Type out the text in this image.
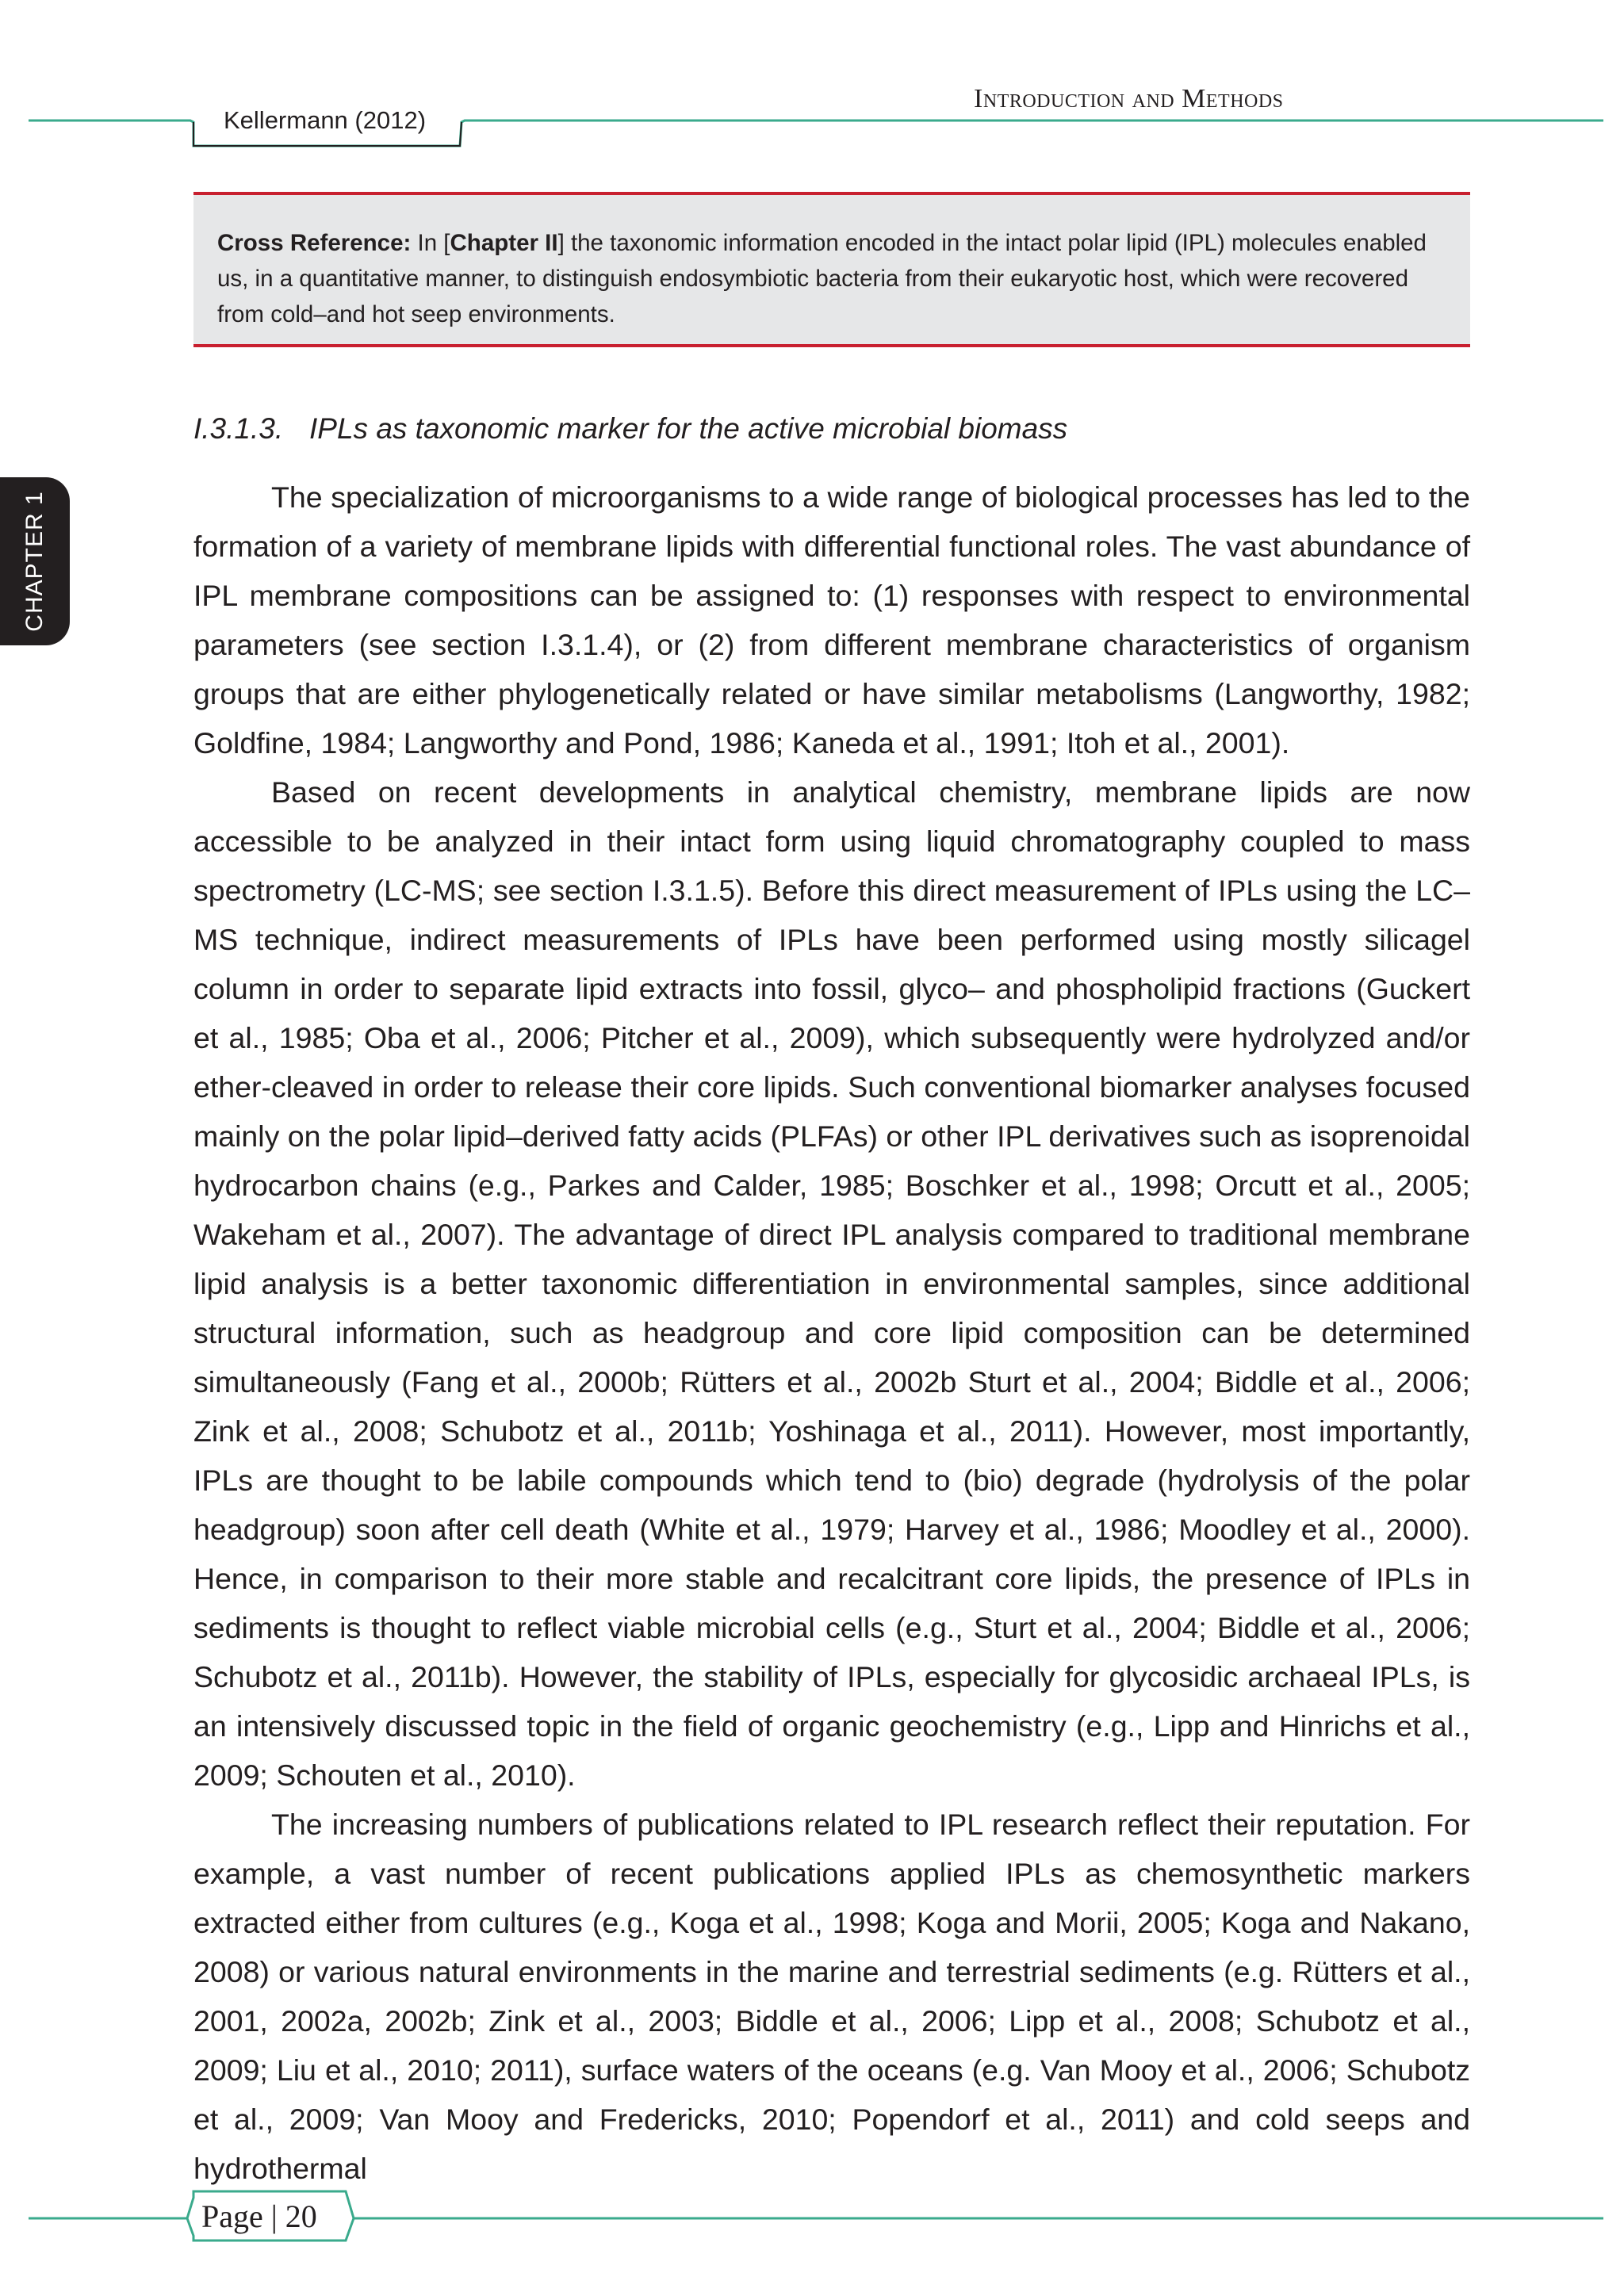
Kellermann (2012)
Introduction and Methods
CHAPTER 1
Cross Reference: In [Chapter II] the taxonomic information encoded in the intact polar lipid (IPL) molecules enabled us, in a quantitative manner, to distinguish endosymbiotic bacteria from their eukaryotic host, which were recovered from cold–and hot seep environments.
I.3.1.3. IPLs as taxonomic marker for the active microbial biomass

The specialization of microorganisms to a wide range of biological processes has led to the formation of a variety of membrane lipids with differential functional roles. The vast abundance of IPL membrane compositions can be assigned to: (1) responses with respect to environmental parameters (see section I.3.1.4), or (2) from different membrane characteristics of organism groups that are either phylogenetically related or have similar metabolisms (Langworthy, 1982; Goldfine, 1984; Langworthy and Pond, 1986; Kaneda et al., 1991; Itoh et al., 2001).

Based on recent developments in analytical chemistry, membrane lipids are now accessible to be analyzed in their intact form using liquid chromatography coupled to mass spectrometry (LC-MS; see section I.3.1.5). Before this direct measurement of IPLs using the LC–MS technique, indirect measurements of IPLs have been performed using mostly silicagel column in order to separate lipid extracts into fossil, glyco– and phospholipid fractions (Guckert et al., 1985; Oba et al., 2006; Pitcher et al., 2009), which subsequently were hydrolyzed and/or ether-cleaved in order to release their core lipids. Such conventional biomarker analyses focused mainly on the polar lipid–derived fatty acids (PLFAs) or other IPL derivatives such as isoprenoidal hydrocarbon chains (e.g., Parkes and Calder, 1985; Boschker et al., 1998; Orcutt et al., 2005; Wakeham et al., 2007). The advantage of direct IPL analysis compared to traditional membrane lipid analysis is a better taxonomic differentiation in environmental samples, since additional structural information, such as headgroup and core lipid composition can be determined simultaneously (Fang et al., 2000b; Rütters et al., 2002b Sturt et al., 2004; Biddle et al., 2006; Zink et al., 2008; Schubotz et al., 2011b; Yoshinaga et al., 2011). However, most importantly, IPLs are thought to be labile compounds which tend to (bio) degrade (hydrolysis of the polar headgroup) soon after cell death (White et al., 1979; Harvey et al., 1986; Moodley et al., 2000). Hence, in comparison to their more stable and recalcitrant core lipids, the presence of IPLs in sediments is thought to reflect viable microbial cells (e.g., Sturt et al., 2004; Biddle et al., 2006; Schubotz et al., 2011b). However, the stability of IPLs, especially for glycosidic archaeal IPLs, is an intensively discussed topic in the field of organic geochemistry (e.g., Lipp and Hinrichs et al., 2009; Schouten et al., 2010).

The increasing numbers of publications related to IPL research reflect their reputation. For example, a vast number of recent publications applied IPLs as chemosynthetic markers extracted either from cultures (e.g., Koga et al., 1998; Koga and Morii, 2005; Koga and Nakano, 2008) or various natural environments in the marine and terrestrial sediments (e.g. Rütters et al., 2001, 2002a, 2002b; Zink et al., 2003; Biddle et al., 2006; Lipp et al., 2008; Schubotz et al., 2009; Liu et al., 2010; 2011), surface waters of the oceans (e.g. Van Mooy et al., 2006; Schubotz et al., 2009; Van Mooy and Fredericks, 2010; Popendorf et al., 2011) and cold seeps and hydrothermal

Page | 20
